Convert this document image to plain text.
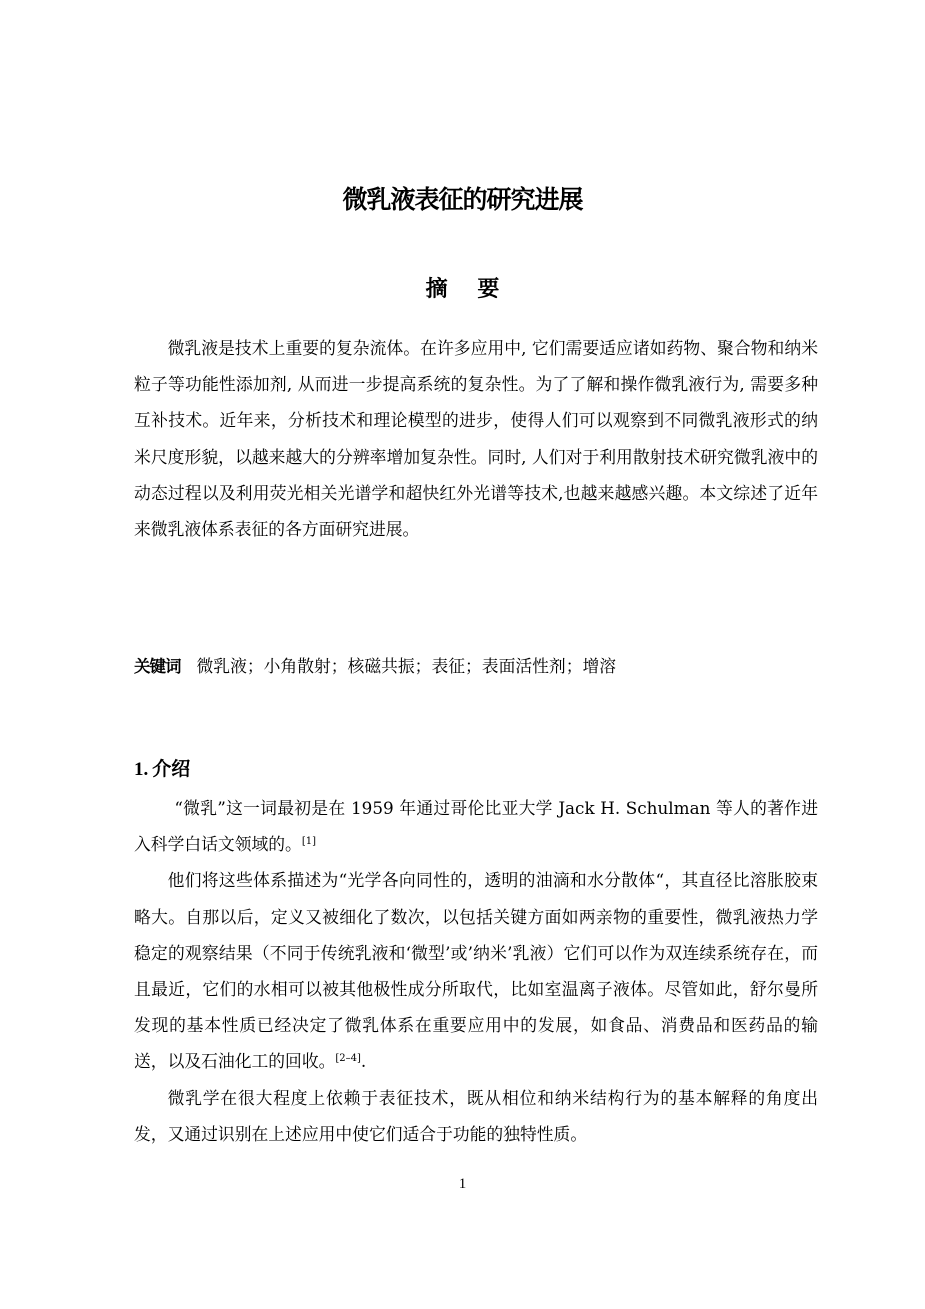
微乳液表征的研究进展
摘 要

微乳液是技术上重要的复杂流体。在许多应用中, 它们需要适应诸如药物、聚合物和纳米粒子等功能性添加剂, 从而进一步提高系统的复杂性。为了了解和操作微乳液行为, 需要多种互补技术。近年来，分析技术和理论模型的进步，使得人们可以观察到不同微乳液形式的纳米尺度形貌，以越来越大的分辨率增加复杂性。同时, 人们对于利用散射技术研究微乳液中的动态过程以及利用荧光相关光谱学和超快红外光谱等技术,也越来越感兴趣。本文综述了近年来微乳液体系表征的各方面研究进展。

关键词 微乳液；小角散射；核磁共振；表征；表面活性剂；增溶
1. 介绍

“微乳”这一词最初是在 1959 年通过哥伦比亚大学 Jack H. Schulman 等人的著作进入科学白话文领域的。[1]

他们将这些体系描述为“光学各向同性的，透明的油滴和水分散体“，其直径比溶胀胶束略大。自那以后，定义又被细化了数次，以包括关键方面如两亲物的重要性，微乳液热力学稳定的观察结果（不同于传统乳液和‘微型’或’纳米’乳液）它们可以作为双连续系统存在，而且最近，它们的水相可以被其他极性成分所取代，比如室温离子液体。尽管如此，舒尔曼所发现的基本性质已经决定了微乳体系在重要应用中的发展，如食品、消费品和医药品的输送，以及石油化工的回收。[2–4].

微乳学在很大程度上依赖于表征技术，既从相位和纳米结构行为的基本解释的角度出发，又通过识别在上述应用中使它们适合于功能的独特性质。

1
